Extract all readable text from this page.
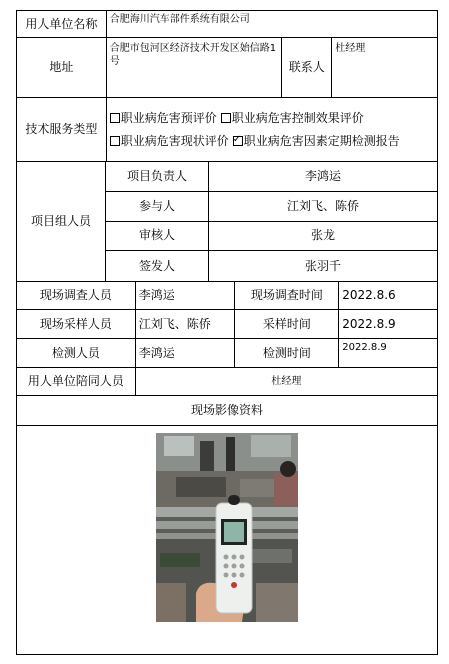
用人单位名称	合肥海川汽车部件系统有限公司
地址
合肥市包河区经济技术开发区始信路1号	联系人
杜经理
技术服务类型
职业病危害预评价 职业病危害控制效果评价
职业病危害现状评价
✓ 职业病危害因素定期检测报告
项目组人员
项目负责人	李鸿运
参与人	江刘飞、陈侨
审核人	张龙
签发人	张羽千
现场调查人员	李鸿运	现场调查时间	2022.8.6
现场采样人员	江刘飞、陈侨	采样时间	2022.8.9
检测人员	李鸿运	检测时间	2022.8.9
用人单位陪同人员	杜经理
现场影像资料
